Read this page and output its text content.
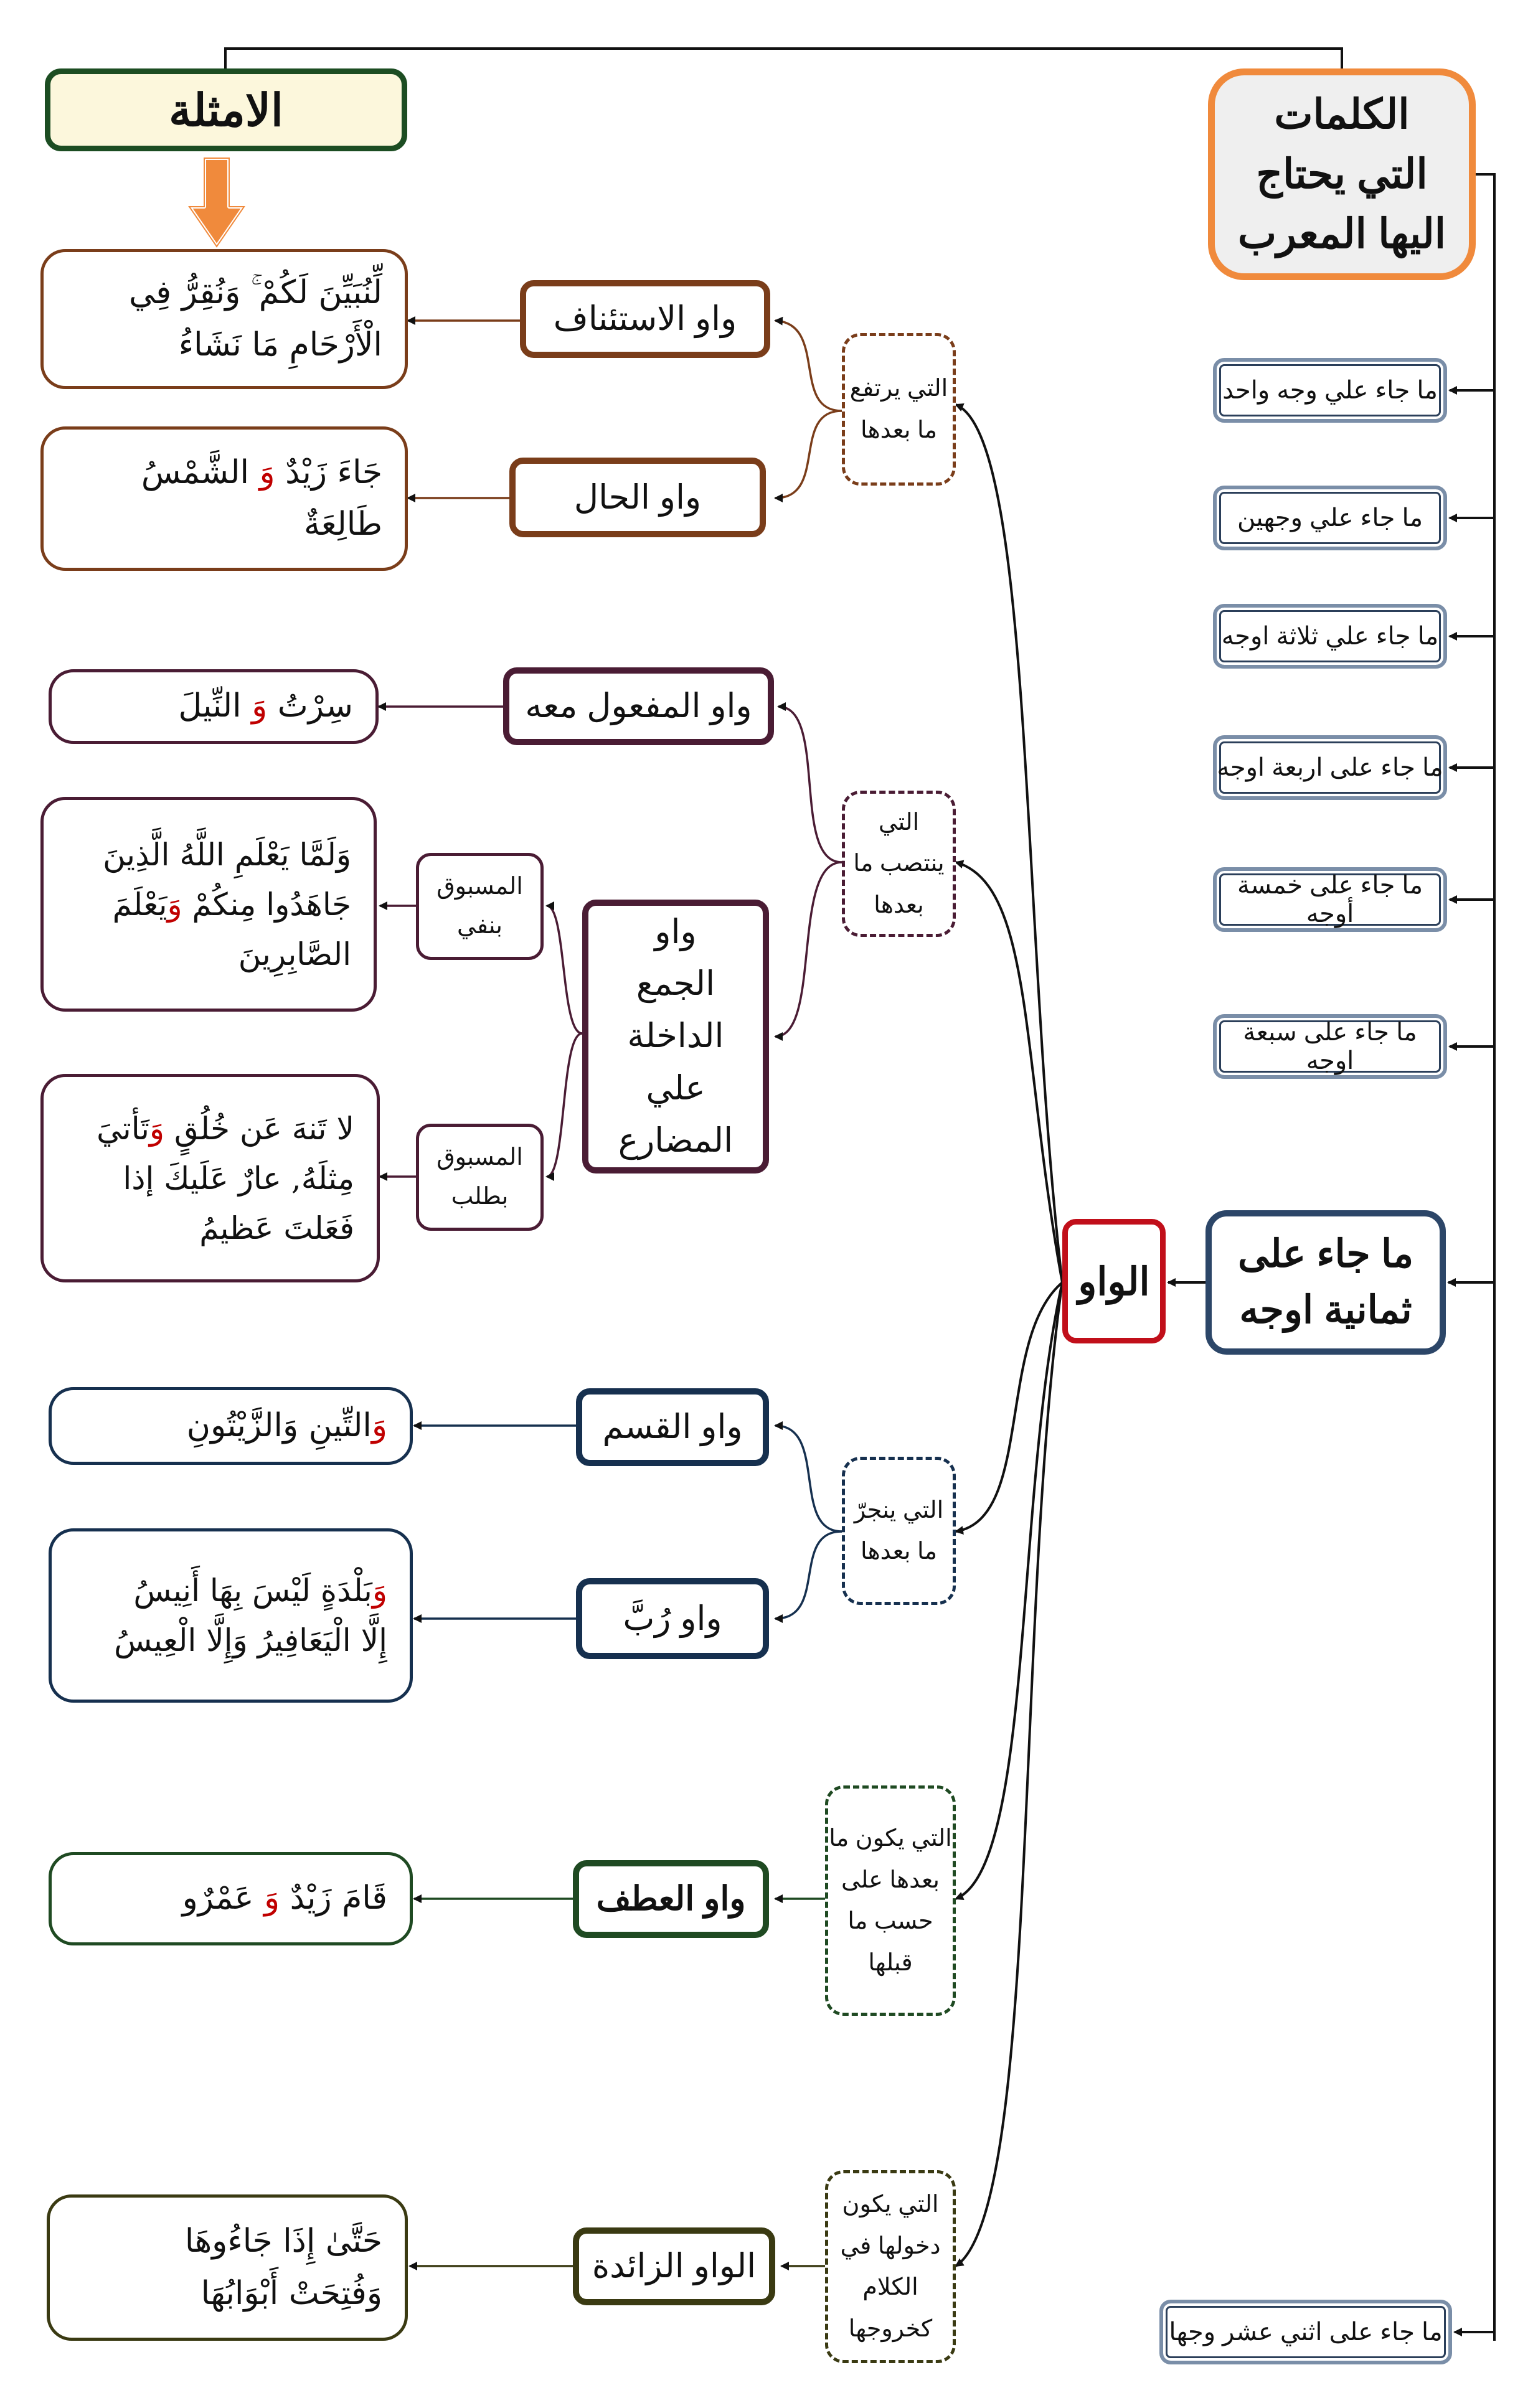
الكلمات التي يحتاج اليها المعرب
الامثلة
ما جاء علي وجه واحد
ما جاء علي وجهين
ما جاء علي ثلاثة اوجه
ما جاء على اربعة اوجه
ما جاء على خمسة أوجه
ما جاء على سبعة اوجه
ما جاء على ثمانية اوجه
ما جاء على اثني عشر وجها
الواو
التي يرتفع ما بعدها
التي ينتصب ما بعدها
التي ينجرّ ما بعدها
التي يكون ما بعدها على حسب ما قبلها
التي يكون دخولها في الكلام كخروجها
واو الاستئناف
واو الحال
واو المفعول معه
واو الجمع الداخلة علي المضارع
واو القسم
واو رُبَّ
واو العطف
الواو الزائدة
المسبوق بنفي
المسبوق بطلب
لِّنُبَيِّنَ لَكُمْ ۚ وَنُقِرُّ فِي
الْأَرْحَامِ مَا نَشَاءُ
جَاءَ زَيْدٌ وَ الشَّمْسُ
طَالِعَةٌ
سِرْتُ وَ النِّيلَ
وَلَمَّا يَعْلَمِ اللَّهُ الَّذِينَ
جَاهَدُوا مِنكُمْ وَيَعْلَمَ
الصَّابِرِينَ
لا تَنهَ عَن خُلُقٍ وَتَأتيَ
مِثلَهُ, عارٌ عَلَيكَ إذا
فَعَلتَ عَظيمُ
وَالتِّينِ وَالزَّيْتُونِ
وَبَلْدَةٍ لَيْسَ بِهَا أَنِيسُ
إِلَّا الْيَعَافِيرُ وَإِلَّا الْعِيسُ
قَامَ زَيْدٌ وَ عَمْرٌو
حَتَّىٰ إِذَا جَاءُوهَا
وَفُتِحَتْ أَبْوَابُهَا
